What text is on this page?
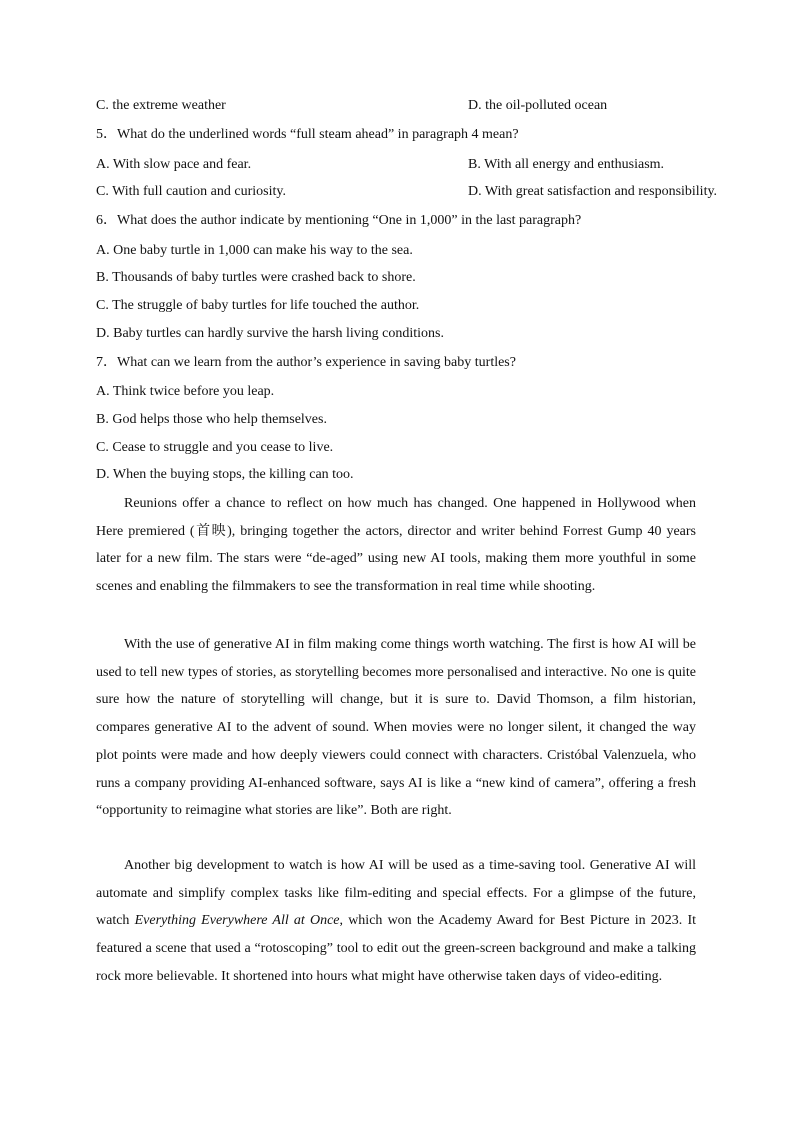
C. the extreme weather	D. the oil-polluted ocean
5．What do the underlined words “full steam ahead” in paragraph 4 mean?
A. With slow pace and fear.	B. With all energy and enthusiasm.
C. With full caution and curiosity.	D. With great satisfaction and responsibility.
6．What does the author indicate by mentioning “One in 1,000” in the last paragraph?
A. One baby turtle in 1,000 can make his way to the sea.
B. Thousands of baby turtles were crashed back to shore.
C. The struggle of baby turtles for life touched the author.
D. Baby turtles can hardly survive the harsh living conditions.
7．What can we learn from the author’s experience in saving baby turtles?
A. Think twice before you leap.
B. God helps those who help themselves.
C. Cease to struggle and you cease to live.
D. When the buying stops, the killing can too.

Reunions offer a chance to reflect on how much has changed. One happened in Hollywood when Here premiered (首映), bringing together the actors, director and writer behind Forrest Gump 40 years later for a new film. The stars were “de-aged” using new AI tools, making them more youthful in some scenes and enabling the filmmakers to see the transformation in real time while shooting.

With the use of generative AI in film making come things worth watching. The first is how AI will be used to tell new types of stories, as storytelling becomes more personalised and interactive. No one is quite sure how the nature of storytelling will change, but it is sure to. David Thomson, a film historian, compares generative AI to the advent of sound. When movies were no longer silent, it changed the way plot points were made and how deeply viewers could connect with characters. Cristóbal Valenzuela, who runs a company providing AI-enhanced software, says AI is like a “new kind of camera”, offering a fresh “opportunity to reimagine what stories are like”. Both are right.

Another big development to watch is how AI will be used as a time-saving tool. Generative AI will automate and simplify complex tasks like film-editing and special effects. For a glimpse of the future, watch Everything Everywhere All at Once, which won the Academy Award for Best Picture in 2023. It featured a scene that used a “rotoscoping” tool to edit out the green-screen background and make a talking rock more believable. It shortened into hours what might have otherwise taken days of video-editing.
